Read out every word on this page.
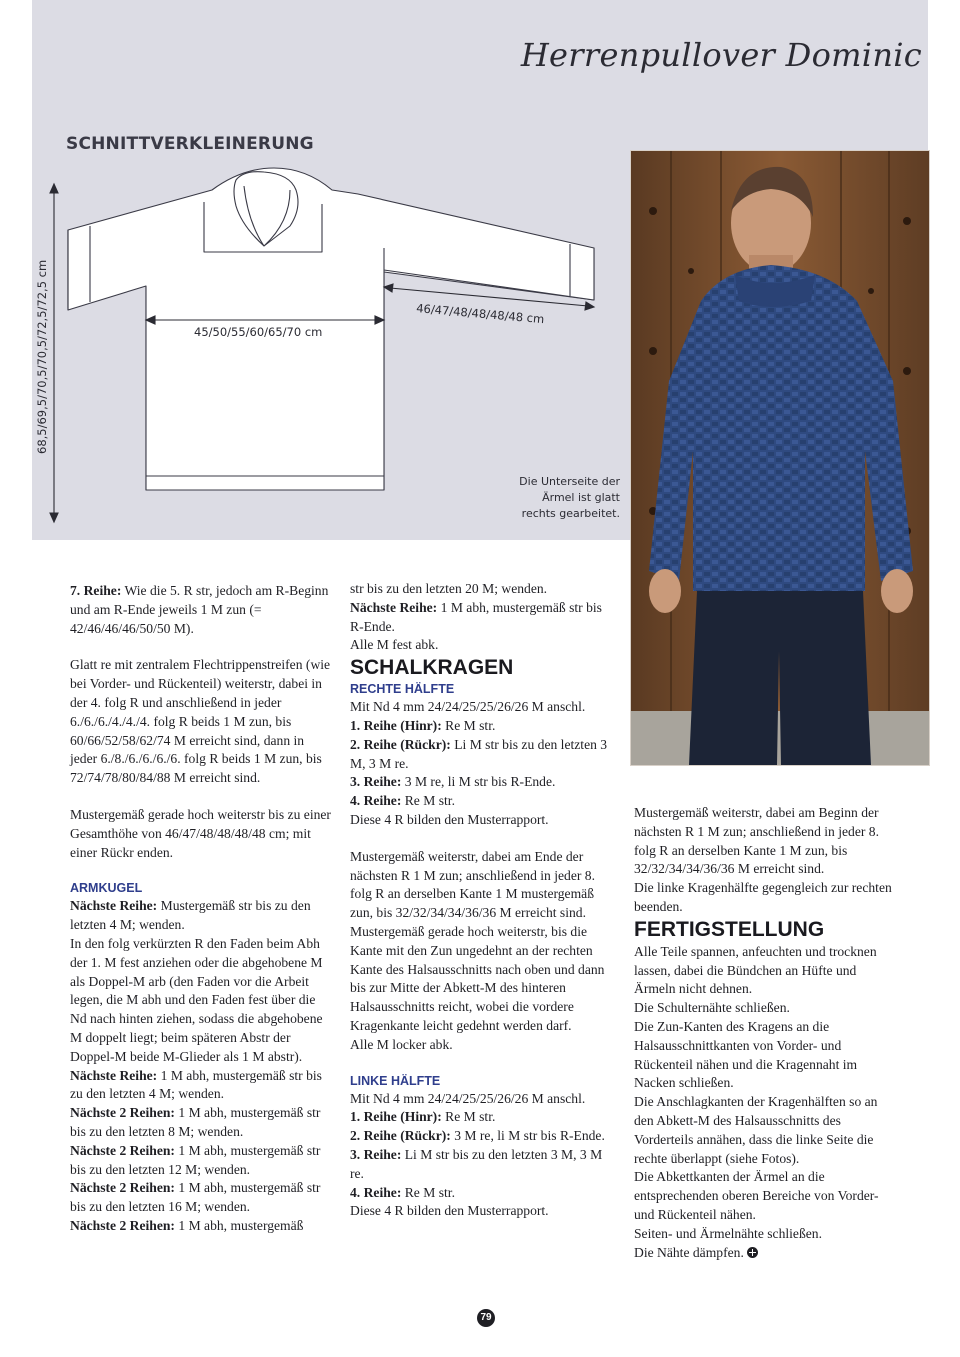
Herrenpullover Dominic
SCHNITTVERKLEINERUNG
68,5/69,5/70,5/70,5/72,5/72,5 cm	45/50/55/60/65/70 cm
46/47/48/48/48/48 cm
Die Unterseite der
Ärmel ist glatt
rechts gearbeitet.

7. Reihe: Wie die 5. R str, jedoch am R-Beginn und am R-Ende jeweils 1 M zun (= 42/46/46/46/50/50 M).

Glatt re mit zentralem Flechtrippenstreifen (wie bei Vorder- und Rückenteil) weiterstr, dabei in der 4. folg R und anschließend in jeder 6./6./6./4./4./4. folg R beids 1 M zun, bis 60/66/52/58/62/74 M erreicht sind, dann in jeder 6./8./6./6./6./6. folg R beids 1 M zun, bis 72/74/78/80/84/88 M erreicht sind.

Mustergemäß gerade hoch weiterstr bis zu einer Gesamthöhe von 46/47/48/48/48/48 cm; mit einer Rückr enden.

ARMKUGEL

Nächste Reihe: Mustergemäß str bis zu den letzten 4 M; wenden.

In den folg verkürzten R den Faden beim Abh der 1. M fest anziehen oder die abgehobene M als Doppel-M arb (den Faden vor die Arbeit legen, die M abh und den Faden fest über die Nd nach hinten ziehen, sodass die abgehobene M doppelt liegt; beim späteren Abstr der Doppel-M beide M-Glieder als 1 M abstr).

Nächste Reihe: 1 M abh, mustergemäß str bis zu den letzten 4 M; wenden.

Nächste 2 Reihen: 1 M abh, mustergemäß str bis zu den letzten 8 M; wenden.

Nächste 2 Reihen: 1 M abh, mustergemäß str bis zu den letzten 12 M; wenden.

Nächste 2 Reihen: 1 M abh, mustergemäß str bis zu den letzten 16 M; wenden.

Nächste 2 Reihen: 1 M abh, mustergemäß

str bis zu den letzten 20 M; wenden.

Nächste Reihe: 1 M abh, mustergemäß str bis R-Ende.

Alle M fest abk.

SCHALKRAGEN

RECHTE HÄLFTE

Mit Nd 4 mm 24/24/25/25/26/26 M anschl.

1. Reihe (Hinr): Re M str.

2. Reihe (Rückr): Li M str bis zu den letzten 3 M, 3 M re.

3. Reihe: 3 M re, li M str bis R-Ende.

4. Reihe: Re M str.

Diese 4 R bilden den Musterrapport.

Mustergemäß weiterstr, dabei am Ende der nächsten R 1 M zun; anschließend in jeder 8. folg R an derselben Kante 1 M mustergemäß zun, bis 32/32/34/34/36/36 M erreicht sind.

Mustergemäß gerade hoch weiterstr, bis die Kante mit den Zun ungedehnt an der rechten Kante des Halsausschnitts nach oben und dann bis zur Mitte der Abkett-M des hinteren Halsausschnitts reicht, wobei die vordere Kragenkante leicht gedehnt werden darf.

Alle M locker abk.

LINKE HÄLFTE

Mit Nd 4 mm 24/24/25/25/26/26 M anschl.

1. Reihe (Hinr): Re M str.

2. Reihe (Rückr): 3 M re, li M str bis R-Ende.

3. Reihe: Li M str bis zu den letzten 3 M, 3 M re.

4. Reihe: Re M str.

Diese 4 R bilden den Musterrapport.

Mustergemäß weiterstr, dabei am Beginn der nächsten R 1 M zun; anschließend in jeder 8. folg R an derselben Kante 1 M zun, bis 32/32/34/34/36/36 M erreicht sind.

Die linke Kragenhälfte gegengleich zur rechten beenden.

FERTIGSTELLUNG

Alle Teile spannen, anfeuchten und trocknen lassen, dabei die Bündchen an Hüfte und Ärmeln nicht dehnen.

Die Schulternähte schließen.

Die Zun-Kanten des Kragens an die Halsausschnittkanten von Vorder- und Rückenteil nähen und die Kragennaht im Nacken schließen.

Die Anschlagkanten der Kragenhälften so an den Abkett-M des Halsausschnitts des Vorderteils annähen, dass die linke Seite die rechte überlappt (siehe Fotos).

Die Abkettkanten der Ärmel an die entsprechenden oberen Bereiche von Vorder- und Rückenteil nähen.

Seiten- und Ärmelnähte schließen.

Die Nähte dämpfen.

79
